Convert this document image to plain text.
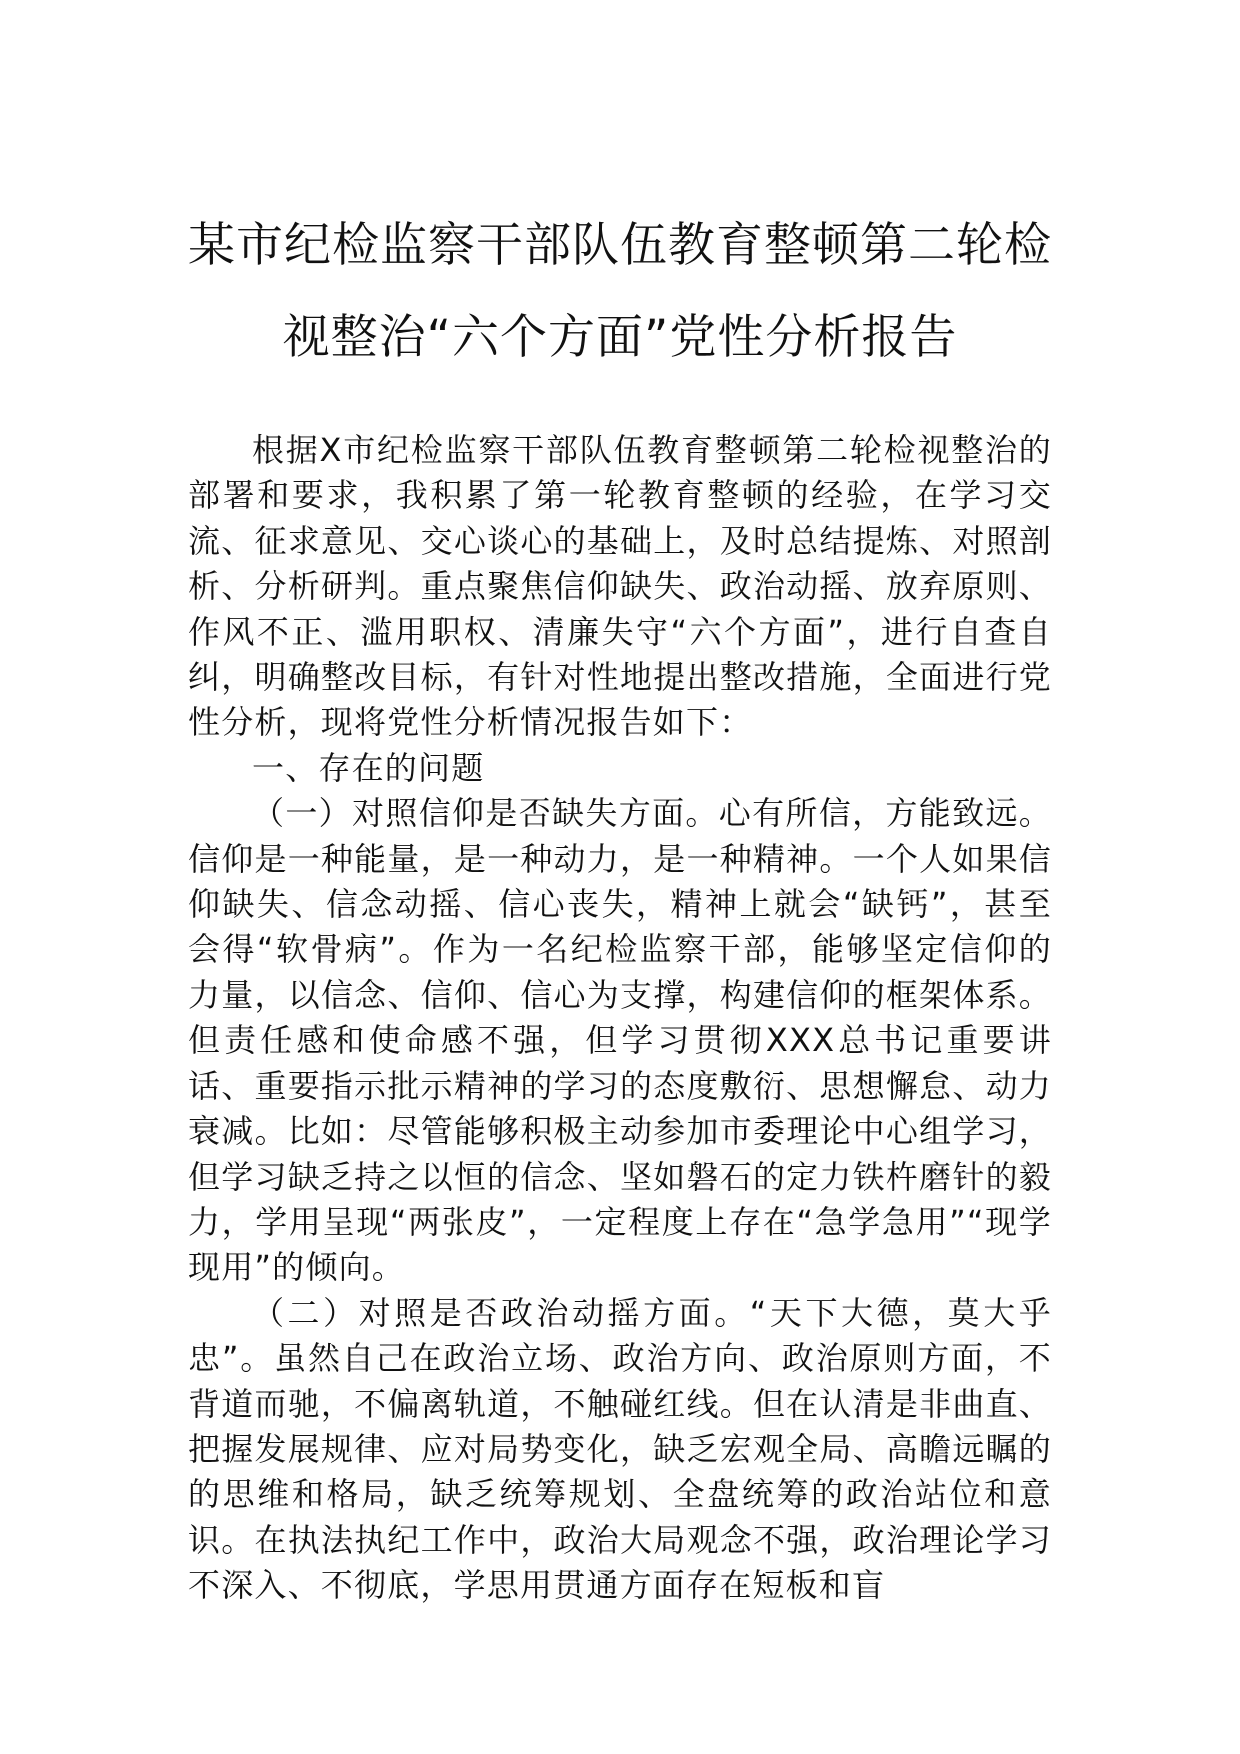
某市纪检监察干部队伍教育整顿第二轮检
视整治“六个方面”党性分析报告

根据X市纪检监察干部队伍教育整顿第二轮检视整治的部署和要求，我积累了第一轮教育整顿的经验，在学习交流、征求意见、交心谈心的基础上，及时总结提炼、对照剖析、分析研判。重点聚焦信仰缺失、政治动摇、放弃原则、作风不正、滥用职权、清廉失守“六个方面”，进行自查自纠，明确整改目标，有针对性地提出整改措施，全面进行党性分析，现将党性分析情况报告如下：

一、存在的问题

（一）对照信仰是否缺失方面。心有所信，方能致远。信仰是一种能量，是一种动力，是一种精神。一个人如果信仰缺失、信念动摇、信心丧失，精神上就会“缺钙”，甚至会得“软骨病”。作为一名纪检监察干部，能够坚定信仰的力量，以信念、信仰、信心为支撑，构建信仰的框架体系。但责任感和使命感不强，但学习贯彻XXX总书记重要讲话、重要指示批示精神的学习的态度敷衍、思想懈怠、动力衰减。比如：尽管能够积极主动参加市委理论中心组学习，但学习缺乏持之以恒的信念、坚如磐石的定力铁杵磨针的毅力，学用呈现“两张皮”，一定程度上存在“急学急用”“现学现用”的倾向。

（二）对照是否政治动摇方面。“天下大德，莫大乎忠”。虽然自己在政治立场、政治方向、政治原则方面，不背道而驰，不偏离轨道，不触碰红线。但在认清是非曲直、把握发展规律、应对局势变化，缺乏宏观全局、高瞻远瞩的的思维和格局，缺乏统筹规划、全盘统筹的政治站位和意识。在执法执纪工作中，政治大局观念不强，政治理论学习不深入、不彻底，学思用贯通方面存在短板和盲
